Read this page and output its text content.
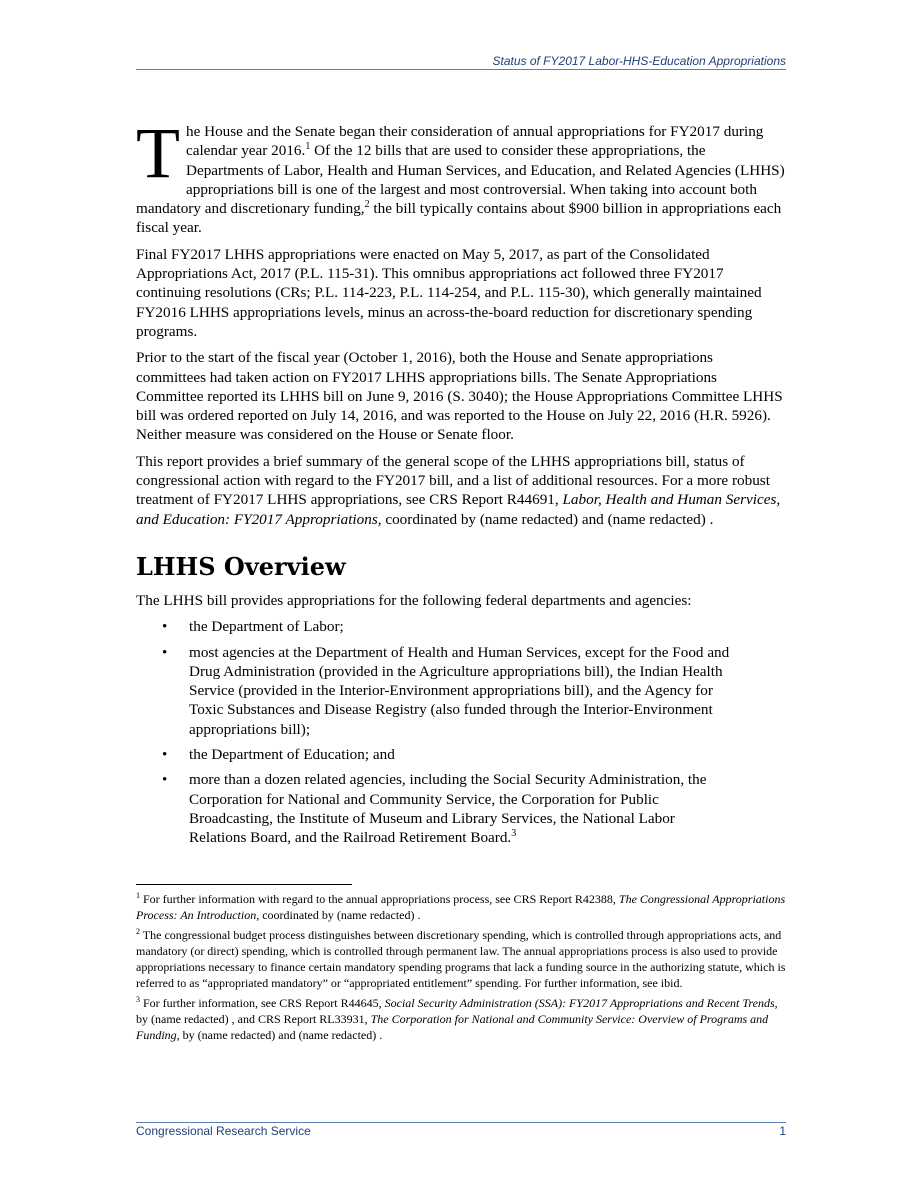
Status of FY2017 Labor-HHS-Education Appropriations

The House and the Senate began their consideration of annual appropriations for FY2017 during calendar year 2016.$^1$ Of the 12 bills that are used to consider these appropriations, the Departments of Labor, Health and Human Services, and Education, and Related Agencies (LHHS) appropriations bill is one of the largest and most controversial. When taking into account both mandatory and discretionary funding,$^2$ the bill typically contains about $900 billion in appropriations each fiscal year.

Final FY2017 LHHS appropriations were enacted on May 5, 2017, as part of the Consolidated Appropriations Act, 2017 (P.L. 115-31). This omnibus appropriations act followed three FY2017 continuing resolutions (CRs; P.L. 114-223, P.L. 114-254, and P.L. 115-30), which generally maintained FY2016 LHHS appropriations levels, minus an across-the-board reduction for discretionary spending programs.

Prior to the start of the fiscal year (October 1, 2016), both the House and Senate appropriations committees had taken action on FY2017 LHHS appropriations bills. The Senate Appropriations Committee reported its LHHS bill on June 9, 2016 (S. 3040); the House Appropriations Committee LHHS bill was ordered reported on July 14, 2016, and was reported to the House on July 22, 2016 (H.R. 5926). Neither measure was considered on the House or Senate floor.

This report provides a brief summary of the general scope of the LHHS appropriations bill, status of congressional action with regard to the FY2017 bill, and a list of additional resources. For a more robust treatment of FY2017 LHHS appropriations, see CRS Report R44691, Labor, Health and Human Services, and Education: FY2017 Appropriations, coordinated by (name redacted) and (name redacted) .

LHHS Overview

The LHHS bill provides appropriations for the following federal departments and agencies:

• the Department of Labor;
• most agencies at the Department of Health and Human Services, except for the Food and Drug Administration (provided in the Agriculture appropriations bill), the Indian Health Service (provided in the Interior-Environment appropriations bill), and the Agency for Toxic Substances and Disease Registry (also funded through the Interior-Environment appropriations bill);
• the Department of Education; and
• more than a dozen related agencies, including the Social Security Administration, the Corporation for National and Community Service, the Corporation for Public Broadcasting, the Institute of Museum and Library Services, the National Labor Relations Board, and the Railroad Retirement Board.$^3$

$^1$ For further information with regard to the annual appropriations process, see CRS Report R42388, The Congressional Appropriations Process: An Introduction, coordinated by (name redacted) .

$^2$ The congressional budget process distinguishes between discretionary spending, which is controlled through appropriations acts, and mandatory (or direct) spending, which is controlled through permanent law. The annual appropriations process is also used to provide appropriations necessary to finance certain mandatory spending programs that lack a funding source in the authorizing statute, which is referred to as “appropriated mandatory” or “appropriated entitlement” spending. For further information, see ibid.

$^3$ For further information, see CRS Report R44645, Social Security Administration (SSA): FY2017 Appropriations and Recent Trends, by (name redacted) , and CRS Report RL33931, The Corporation for National and Community Service: Overview of Programs and Funding, by (name redacted) and (name redacted) .

Congressional Research Service	1
